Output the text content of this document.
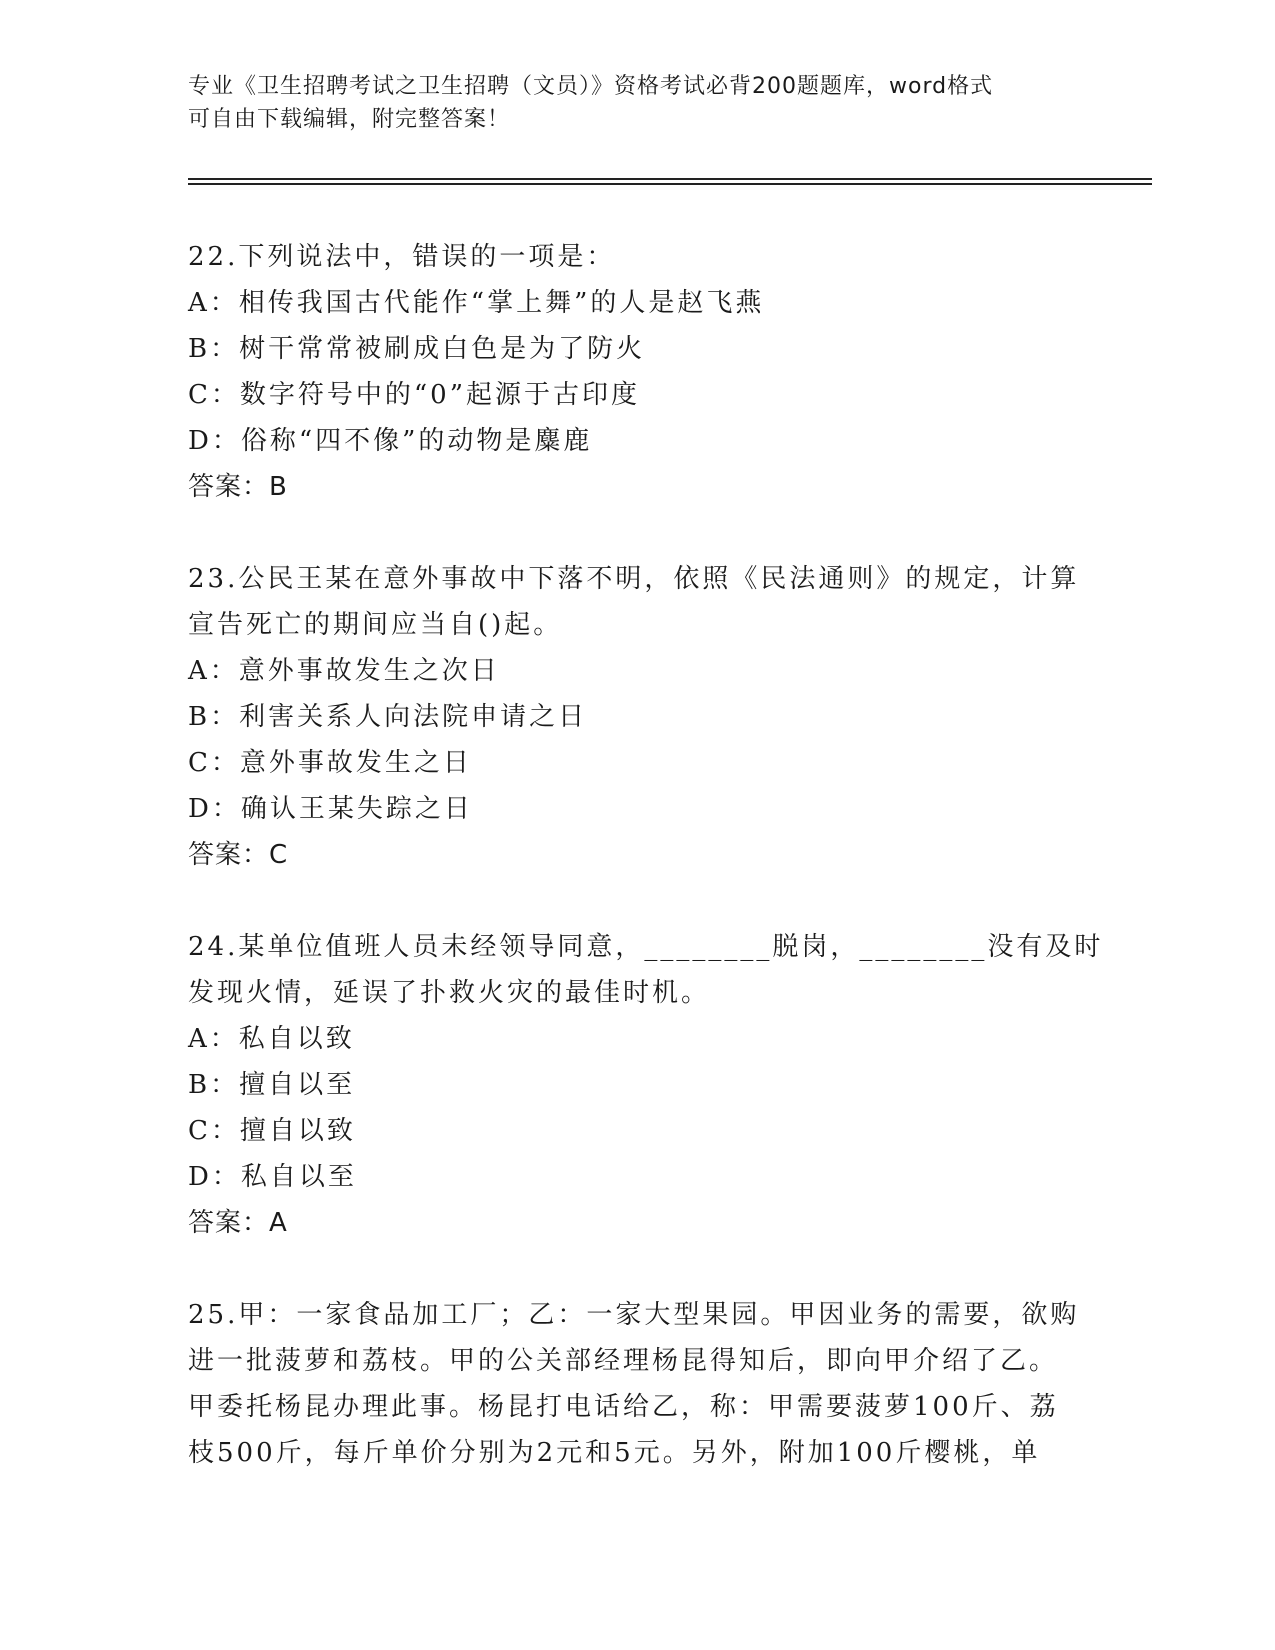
专业《卫生招聘考试之卫生招聘（文员）》资格考试必背200题题库，word格式
可自由下载编辑，附完整答案！
22.下列说法中，错误的一项是：
A：相传我国古代能作“掌上舞”的人是赵飞燕
B：树干常常被刷成白色是为了防火
C：数字符号中的“0”起源于古印度
D：俗称“四不像”的动物是麋鹿
答案：B
23.公民王某在意外事故中下落不明，依照《民法通则》的规定，计算
宣告死亡的期间应当自()起。
A：意外事故发生之次日
B：利害关系人向法院申请之日
C：意外事故发生之日
D：确认王某失踪之日
答案：C
24.某单位值班人员未经领导同意，________脱岗，________没有及时
发现火情，延误了扑救火灾的最佳时机。
A：私自以致
B：擅自以至
C：擅自以致
D：私自以至
答案：A
25.甲：一家食品加工厂；乙：一家大型果园。甲因业务的需要，欲购
进一批菠萝和荔枝。甲的公关部经理杨昆得知后，即向甲介绍了乙。
甲委托杨昆办理此事。杨昆打电话给乙，称：甲需要菠萝100斤、荔
枝500斤，每斤单价分别为2元和5元。另外，附加100斤樱桃，单
